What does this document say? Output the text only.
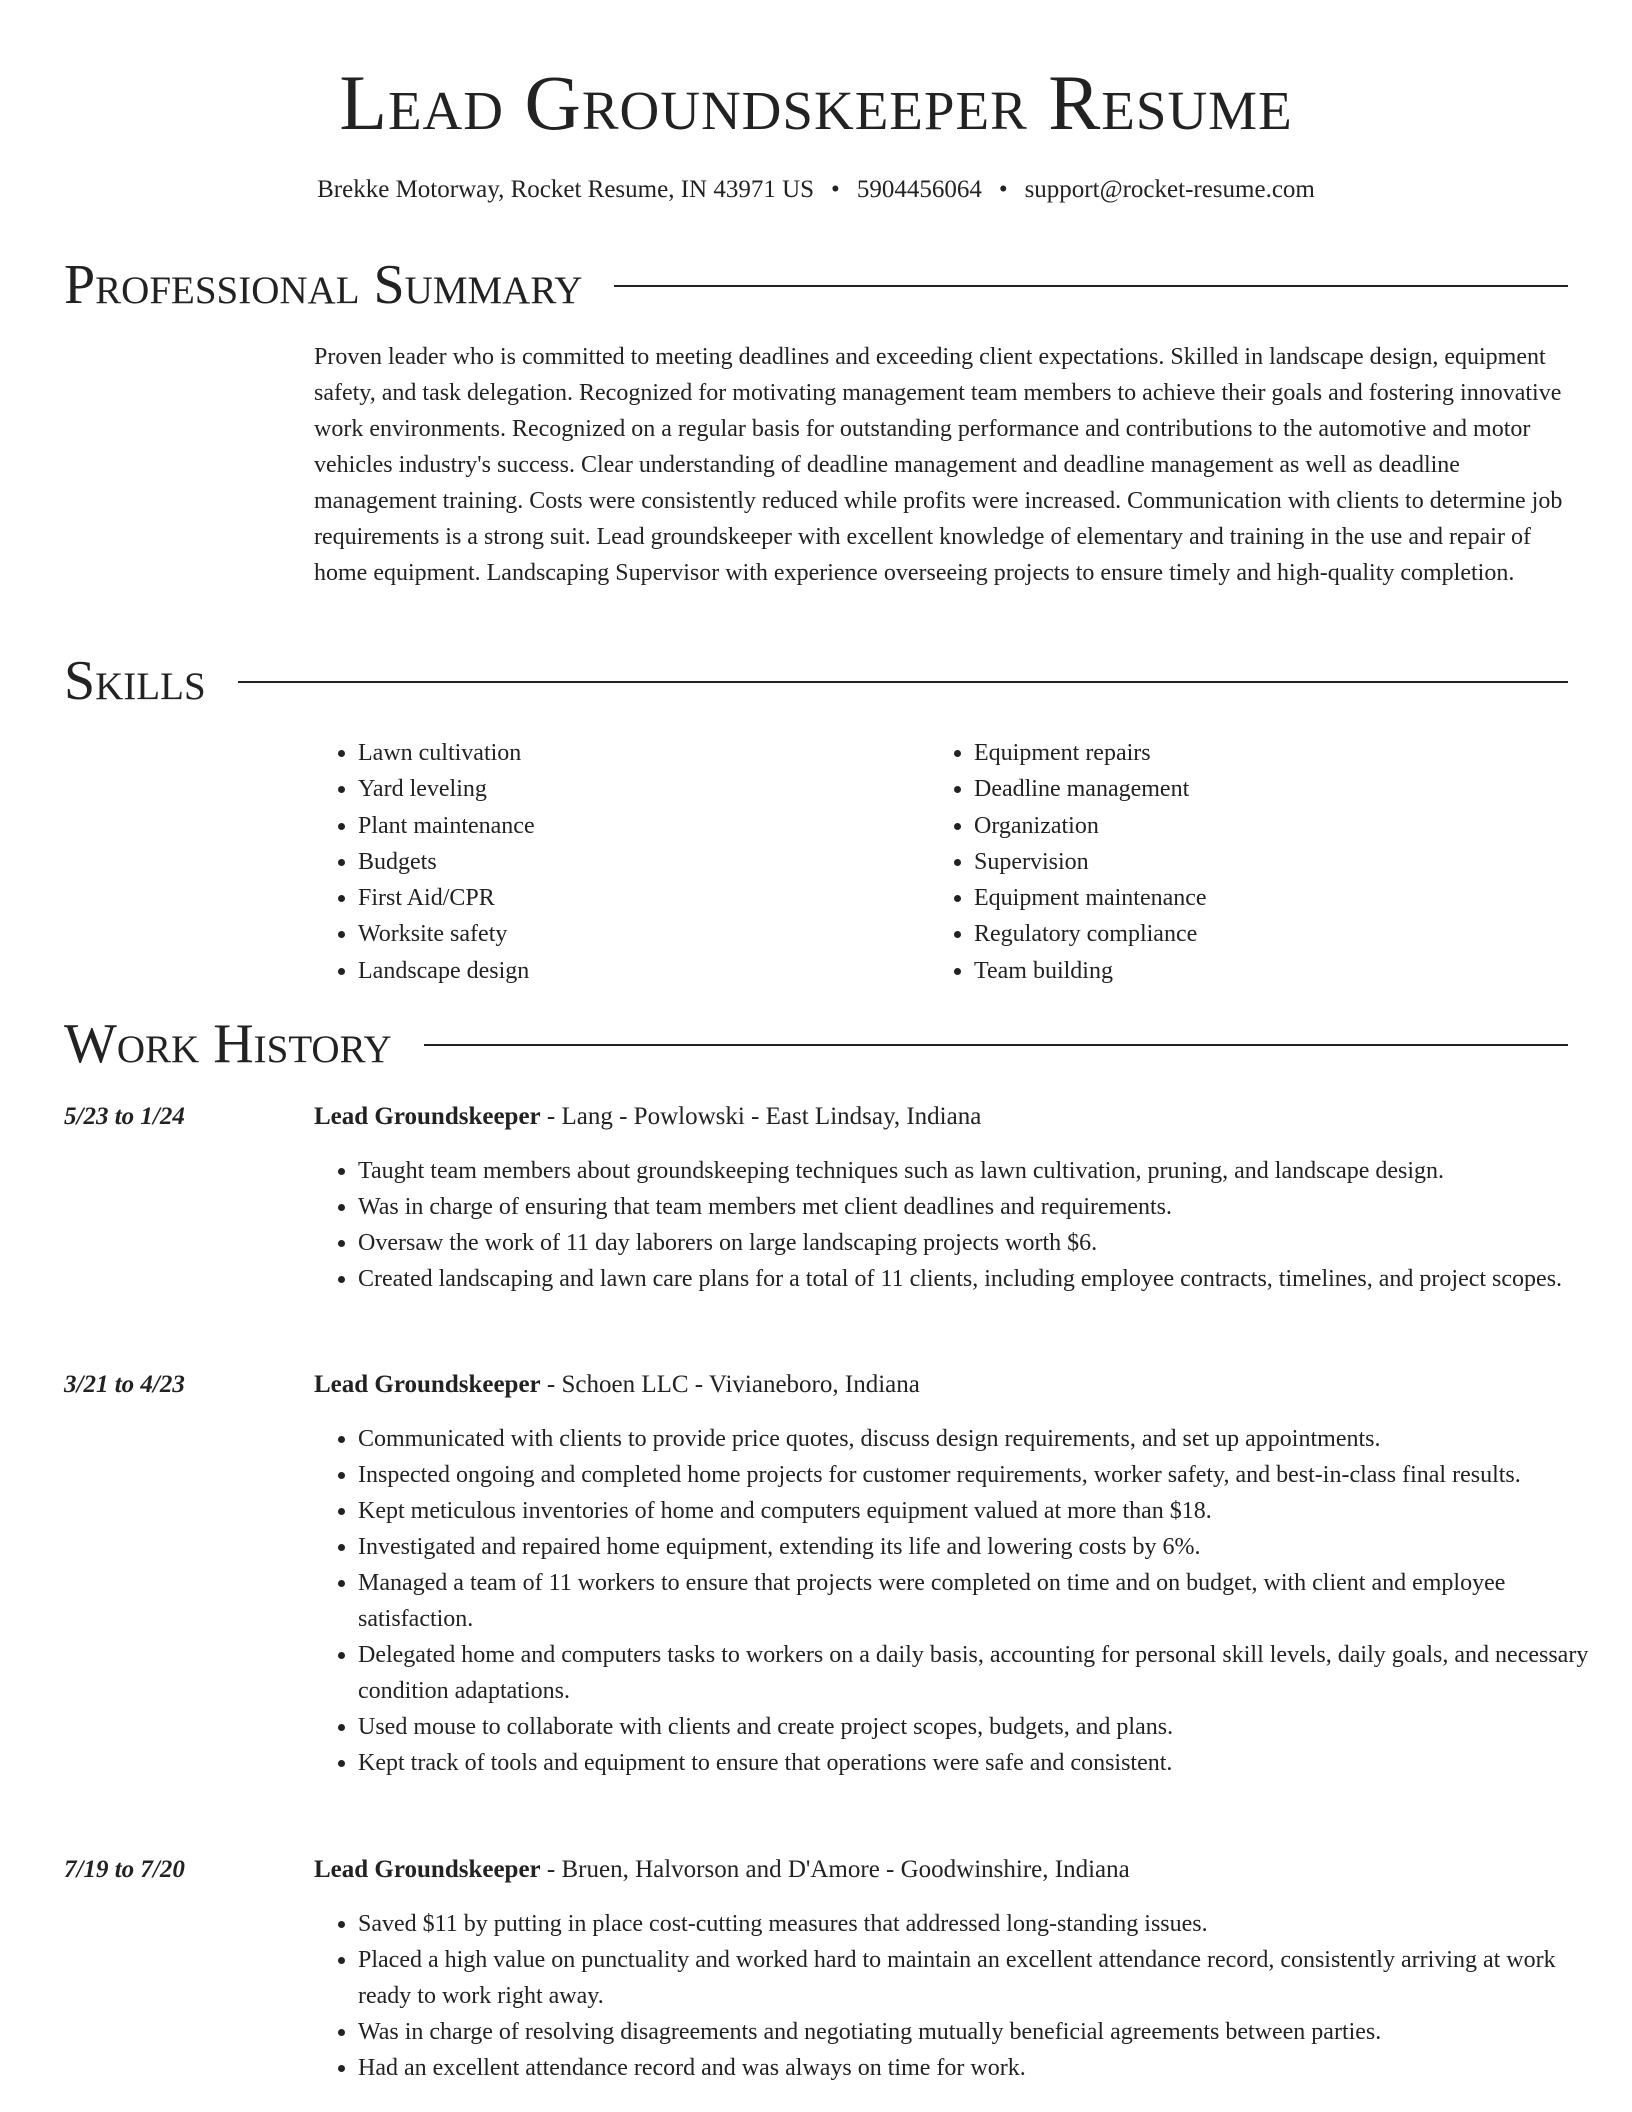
Lead Groundskeeper Resume
Brekke Motorway, Rocket Resume, IN 43971 US • 5904456064 • support@rocket-resume.com
Professional Summary

Proven leader who is committed to meeting deadlines and exceeding client expectations. Skilled in landscape design, equipment safety, and task delegation. Recognized for motivating management team members to achieve their goals and fostering innovative work environments. Recognized on a regular basis for outstanding performance and contributions to the automotive and motor vehicles industry's success. Clear understanding of deadline management and deadline management as well as deadline management training. Costs were consistently reduced while profits were increased. Communication with clients to determine job requirements is a strong suit. Lead groundskeeper with excellent knowledge of elementary and training in the use and repair of home equipment. Landscaping Supervisor with experience overseeing projects to ensure timely and high-quality completion.

Skills
• Lawn cultivation
• Yard leveling
• Plant maintenance
• Budgets
• First Aid/CPR
• Worksite safety
• Landscape design
• Equipment repairs
• Deadline management
• Organization
• Supervision
• Equipment maintenance
• Regulatory compliance
• Team building
Work History
5/23 to 1/24	Lead Groundskeeper - Lang - Powlowski - East Lindsay, Indiana
• Taught team members about groundskeeping techniques such as lawn cultivation, pruning, and landscape design.
• Was in charge of ensuring that team members met client deadlines and requirements.
• Oversaw the work of 11 day laborers on large landscaping projects worth $6.
• Created landscaping and lawn care plans for a total of 11 clients, including employee contracts, timelines, and project scopes.
3/21 to 4/23	Lead Groundskeeper - Schoen LLC - Vivianeboro, Indiana
• Communicated with clients to provide price quotes, discuss design requirements, and set up appointments.
• Inspected ongoing and completed home projects for customer requirements, worker safety, and best-in-class final results.
• Kept meticulous inventories of home and computers equipment valued at more than $18.
• Investigated and repaired home equipment, extending its life and lowering costs by 6%.
• Managed a team of 11 workers to ensure that projects were completed on time and on budget, with client and employee satisfaction.
• Delegated home and computers tasks to workers on a daily basis, accounting for personal skill levels, daily goals, and necessary condition adaptations.
• Used mouse to collaborate with clients and create project scopes, budgets, and plans.
• Kept track of tools and equipment to ensure that operations were safe and consistent.
7/19 to 7/20	Lead Groundskeeper - Bruen, Halvorson and D'Amore - Goodwinshire, Indiana
• Saved $11 by putting in place cost-cutting measures that addressed long-standing issues.
• Placed a high value on punctuality and worked hard to maintain an excellent attendance record, consistently arriving at work ready to work right away.
• Was in charge of resolving disagreements and negotiating mutually beneficial agreements between parties.
• Had an excellent attendance record and was always on time for work.
